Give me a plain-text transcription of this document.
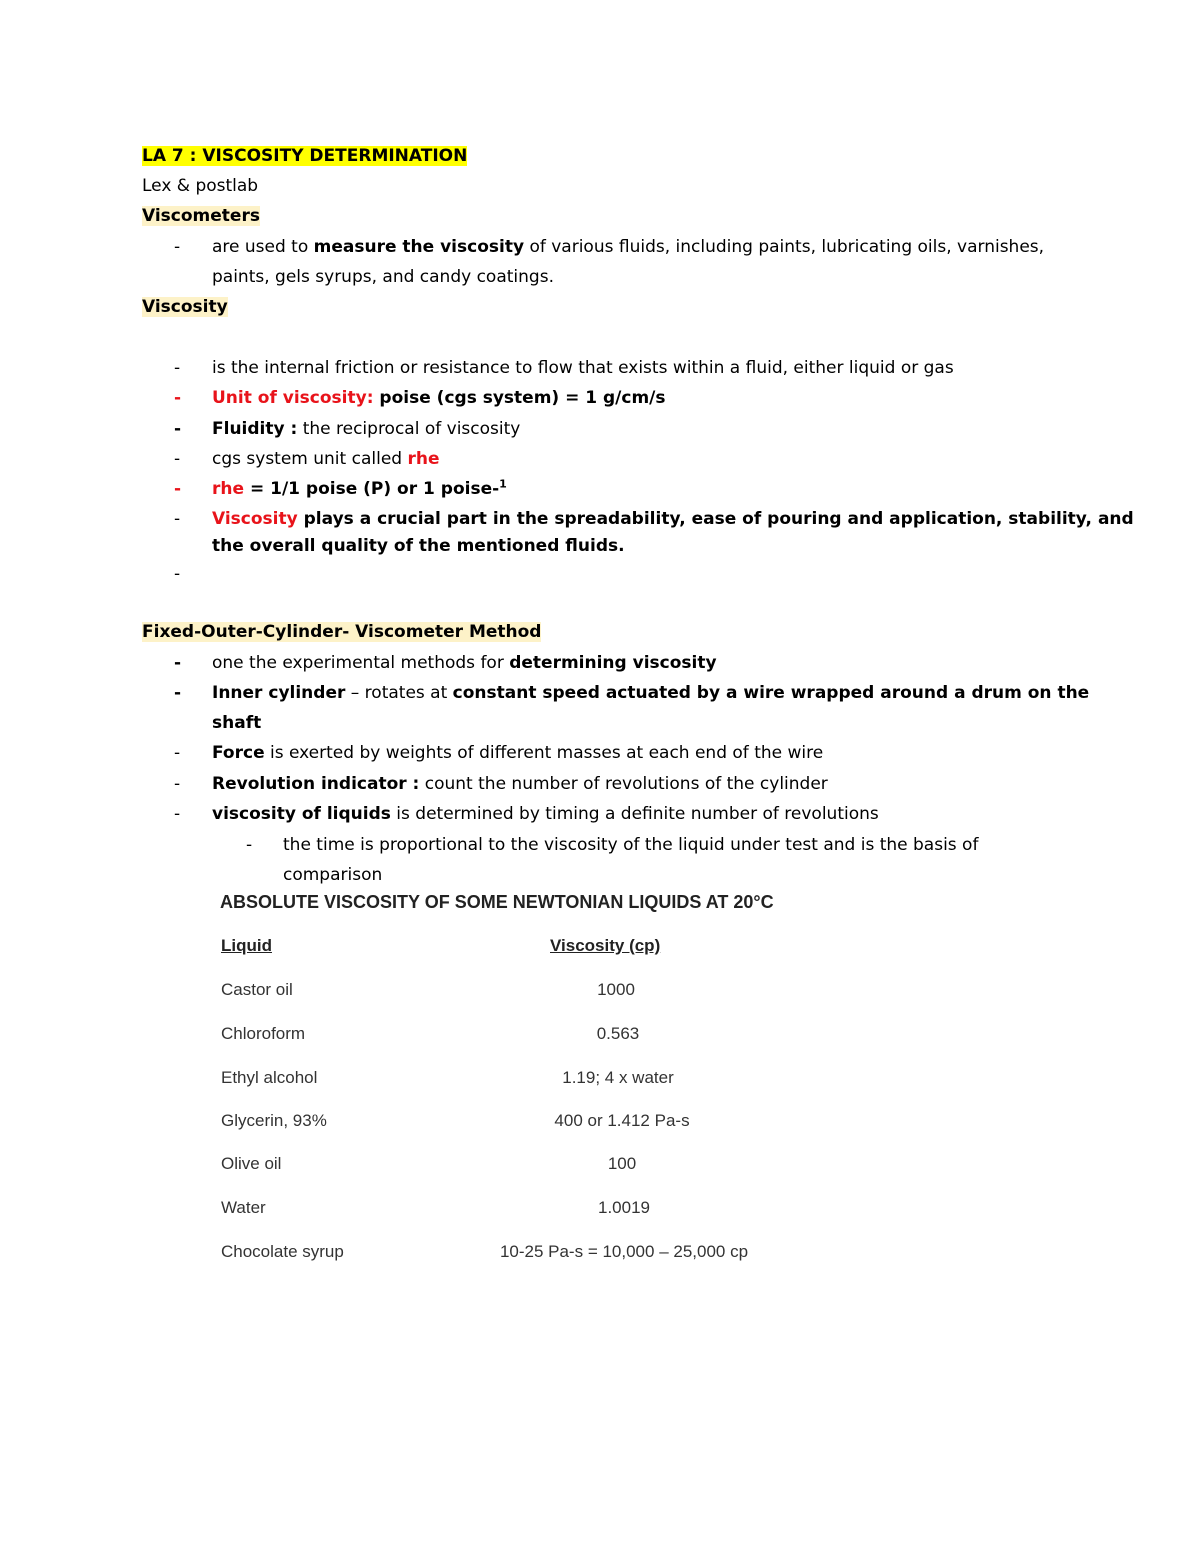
LA 7 : VISCOSITY DETERMINATION
Lex & postlab
Viscometers
- are used to measure the viscosity of various fluids, including paints, lubricating oils, varnishes,
paints, gels syrups, and candy coatings.
Viscosity
- is the internal friction or resistance to flow that exists within a fluid, either liquid or gas
- Unit of viscosity: poise (cgs system) = 1 g/cm/s
- Fluidity : the reciprocal of viscosity
- cgs system unit called rhe
- rhe = 1/1 poise (P) or 1 poise-$^1$
- Viscosity plays a crucial part in the spreadability, ease of pouring and application, stability, and
the overall quality of the mentioned fluids.
-
Fixed-Outer-Cylinder- Viscometer Method
- one the experimental methods for determining viscosity
- Inner cylinder – rotates at constant speed actuated by a wire wrapped around a drum on the
shaft
- Force is exerted by weights of different masses at each end of the wire
- Revolution indicator : count the number of revolutions of the cylinder
- viscosity of liquids is determined by timing a definite number of revolutions
- the time is proportional to the viscosity of the liquid under test and is the basis of
comparison
ABSOLUTE VISCOSITY OF SOME NEWTONIAN LIQUIDS AT 20°C
Liquid	Viscosity (cp)
Castor oil	1000
Chloroform	0.563
Ethyl alcohol	1.19; 4 x water
Glycerin, 93%	400 or 1.412 Pa-s
Olive oil	100
Water	1.0019
Chocolate syrup	10-25 Pa-s = 10,000 – 25,000 cp
